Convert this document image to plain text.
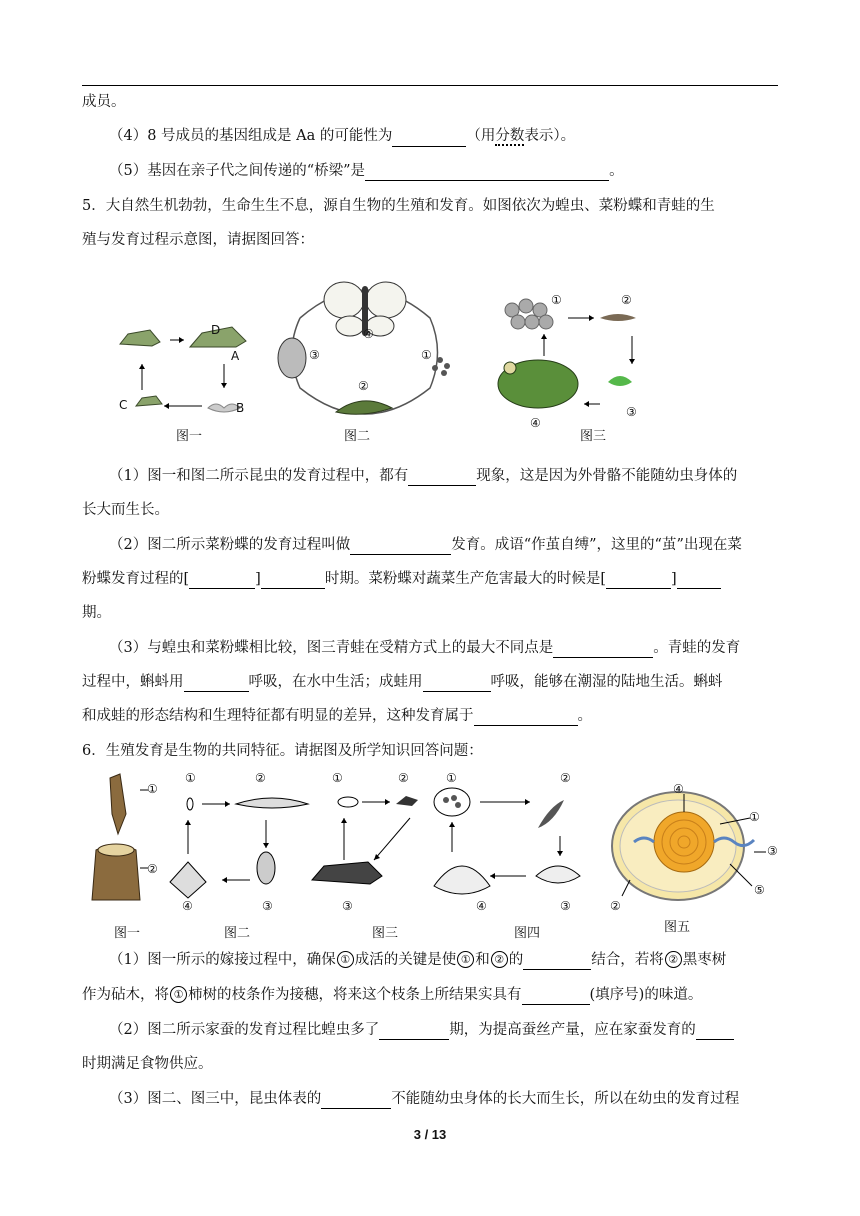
成员。
（4）8 号成员的基因组成是 Aa 的可能性为	（用分数表示）。
（5）基因在亲子代之间传递的“桥梁”是	。
5．大自然生机勃勃，生命生生不息，源自生物的生殖和发育。如图依次为蝗虫、菜粉蝶和青蛙的生
殖与发育过程示意图，请据图回答：
D
A
B
C
④
③	①
②
①	②
③
④
图一	图二	图三
（1）图一和图二所示昆虫的发育过程中，都有	现象，这是因为外骨骼不能随幼虫身体的
长大而生长。
（2）图二所示菜粉蝶的发育过程叫做	发育。成语“作茧自缚”，这里的“茧”出现在菜
粉蝶发育过程的[	]	时期。菜粉蝶对蔬菜生产危害最大的时候是[	]
期。
（3）与蝗虫和菜粉蝶相比较，图三青蛙在受精方式上的最大不同点是	。青蛙的发育
过程中，蝌蚪用	呼吸，在水中生活；成蛙用	呼吸，能够在潮湿的陆地生活。蝌蚪
和成蛙的形态结构和生理特征都有明显的差异，这种发育属于	。
6．生殖发育是生物的共同特征。请据图及所学知识回答问题：
①
②
①	②
③
④
①	②
③
①	②
③
④
④
①
③
⑤
②
图一	图二	图三	图四	图五
（1）图一所示的嫁接过程中，确保 ① 成活的关键是使 ① 和 ② 的	结合，若将 ② 黑枣树
作为砧木，将 ① 柿树的枝条作为接穗，将来这个枝条上所结果实具有	(填序号)的味道。
（2）图二所示家蚕的发育过程比蝗虫多了	期，为提高蚕丝产量，应在家蚕发育的
时期满足食物供应。
（3）图二、图三中，昆虫体表的	不能随幼虫身体的长大而生长，所以在幼虫的发育过程
3 / 13
